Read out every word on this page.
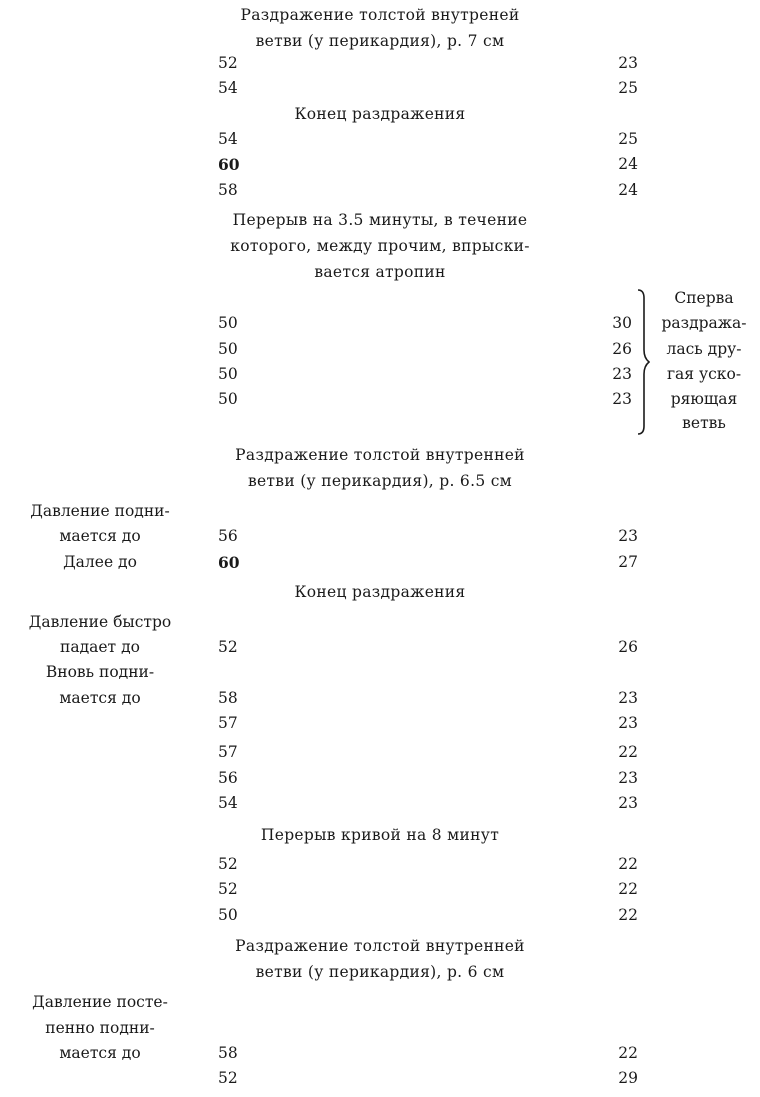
Раздражение толстой внутреней
ветви (у перикардия), р. 7 см
52	23
54	25
Конец раздражения
54	25
60	24
58	24
Перерыв на 3.5 минуты, в течение
которого, между прочим, впрыски-
вается атропин
50	30
50	26
50	23
50	23
Сперва
раздража-
лась дру-
гая уско-
ряющая
ветвь
Раздражение толстой внутренней
ветви (у перикардия), р. 6.5 см
Давление подни-
мается до	56	23
Далее до	60	27
Конец раздражения
Давление быстро
падает до	52	26
Вновь подни-
мается до	58	23
57	23
57	22
56	23
54	23
Перерыв кривой на 8 минут
52	22
52	22
50	22
Раздражение толстой внутренней
ветви (у перикардия), р. 6 см
Давление посте-
пенно подни-
мается до	58	22
52	29
